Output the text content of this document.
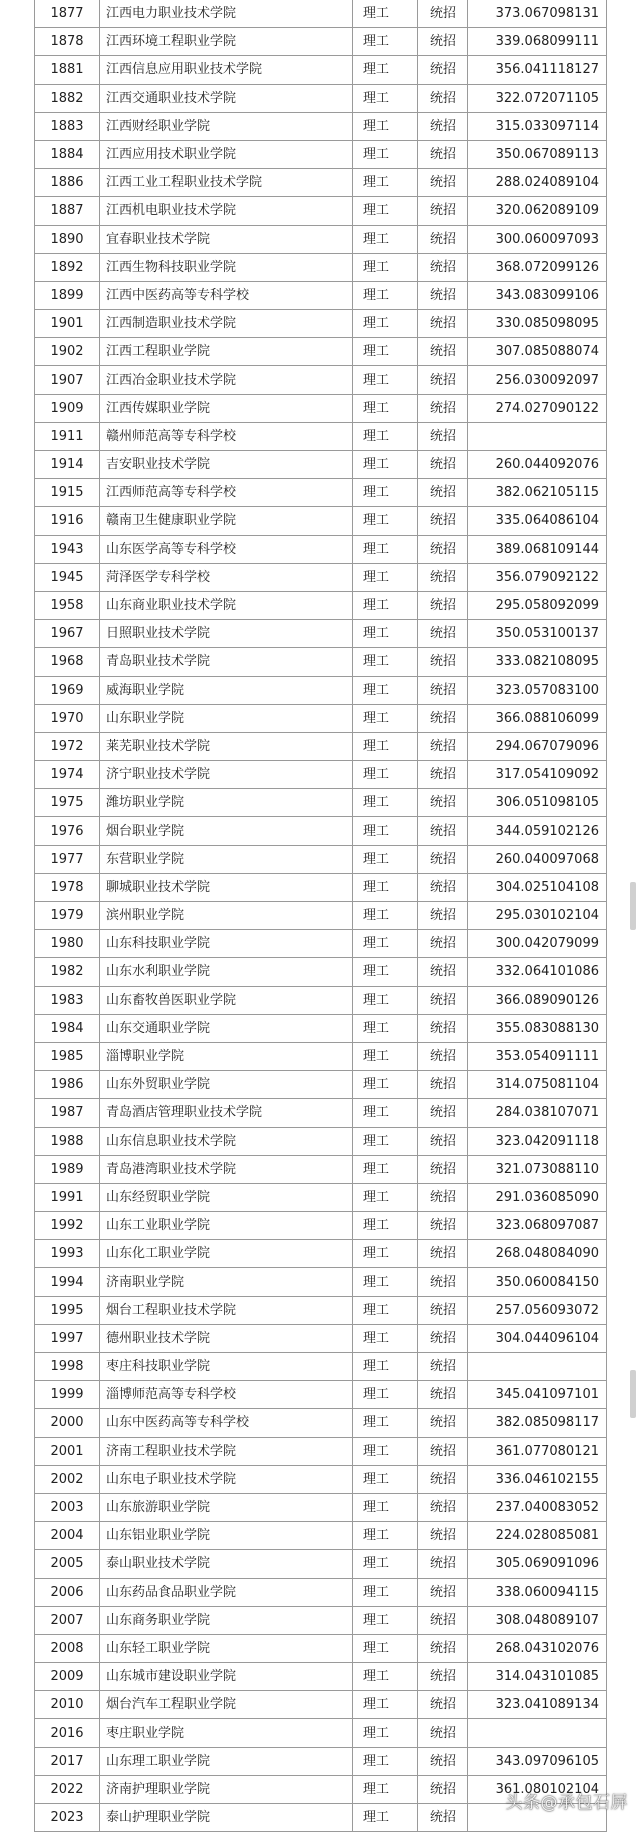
1877	江西电力职业技术学院	理工	统招	373.067098131
1878	江西环境工程职业学院	理工	统招	339.068099111
1881	江西信息应用职业技术学院	理工	统招	356.041118127
1882	江西交通职业技术学院	理工	统招	322.072071105
1883	江西财经职业学院	理工	统招	315.033097114
1884	江西应用技术职业学院	理工	统招	350.067089113
1886	江西工业工程职业技术学院	理工	统招	288.024089104
1887	江西机电职业技术学院	理工	统招	320.062089109
1890	宜春职业技术学院	理工	统招	300.060097093
1892	江西生物科技职业学院	理工	统招	368.072099126
1899	江西中医药高等专科学校	理工	统招	343.083099106
1901	江西制造职业技术学院	理工	统招	330.085098095
1902	江西工程职业学院	理工	统招	307.085088074
1907	江西冶金职业技术学院	理工	统招	256.030092097
1909	江西传媒职业学院	理工	统招	274.027090122
1911	赣州师范高等专科学校	理工	统招	
1914	吉安职业技术学院	理工	统招	260.044092076
1915	江西师范高等专科学校	理工	统招	382.062105115
1916	赣南卫生健康职业学院	理工	统招	335.064086104
1943	山东医学高等专科学校	理工	统招	389.068109144
1945	菏泽医学专科学校	理工	统招	356.079092122
1958	山东商业职业技术学院	理工	统招	295.058092099
1967	日照职业技术学院	理工	统招	350.053100137
1968	青岛职业技术学院	理工	统招	333.082108095
1969	威海职业学院	理工	统招	323.057083100
1970	山东职业学院	理工	统招	366.088106099
1972	莱芜职业技术学院	理工	统招	294.067079096
1974	济宁职业技术学院	理工	统招	317.054109092
1975	潍坊职业学院	理工	统招	306.051098105
1976	烟台职业学院	理工	统招	344.059102126
1977	东营职业学院	理工	统招	260.040097068
1978	聊城职业技术学院	理工	统招	304.025104108
1979	滨州职业学院	理工	统招	295.030102104
1980	山东科技职业学院	理工	统招	300.042079099
1982	山东水利职业学院	理工	统招	332.064101086
1983	山东畜牧兽医职业学院	理工	统招	366.089090126
1984	山东交通职业学院	理工	统招	355.083088130
1985	淄博职业学院	理工	统招	353.054091111
1986	山东外贸职业学院	理工	统招	314.075081104
1987	青岛酒店管理职业技术学院	理工	统招	284.038107071
1988	山东信息职业技术学院	理工	统招	323.042091118
1989	青岛港湾职业技术学院	理工	统招	321.073088110
1991	山东经贸职业学院	理工	统招	291.036085090
1992	山东工业职业学院	理工	统招	323.068097087
1993	山东化工职业学院	理工	统招	268.048084090
1994	济南职业学院	理工	统招	350.060084150
1995	烟台工程职业技术学院	理工	统招	257.056093072
1997	德州职业技术学院	理工	统招	304.044096104
1998	枣庄科技职业学院	理工	统招	
1999	淄博师范高等专科学校	理工	统招	345.041097101
2000	山东中医药高等专科学校	理工	统招	382.085098117
2001	济南工程职业技术学院	理工	统招	361.077080121
2002	山东电子职业技术学院	理工	统招	336.046102155
2003	山东旅游职业学院	理工	统招	237.040083052
2004	山东铝业职业学院	理工	统招	224.028085081
2005	泰山职业技术学院	理工	统招	305.069091096
2006	山东药品食品职业学院	理工	统招	338.060094115
2007	山东商务职业学院	理工	统招	308.048089107
2008	山东轻工职业学院	理工	统招	268.043102076
2009	山东城市建设职业学院	理工	统招	314.043101085
2010	烟台汽车工程职业学院	理工	统招	323.041089134
2016	枣庄职业学院	理工	统招	
2017	山东理工职业学院	理工	统招	343.097096105
2022	济南护理职业学院	理工	统招	361.080102104
2023	泰山护理职业学院	理工	统招	
头条@承包石屏
